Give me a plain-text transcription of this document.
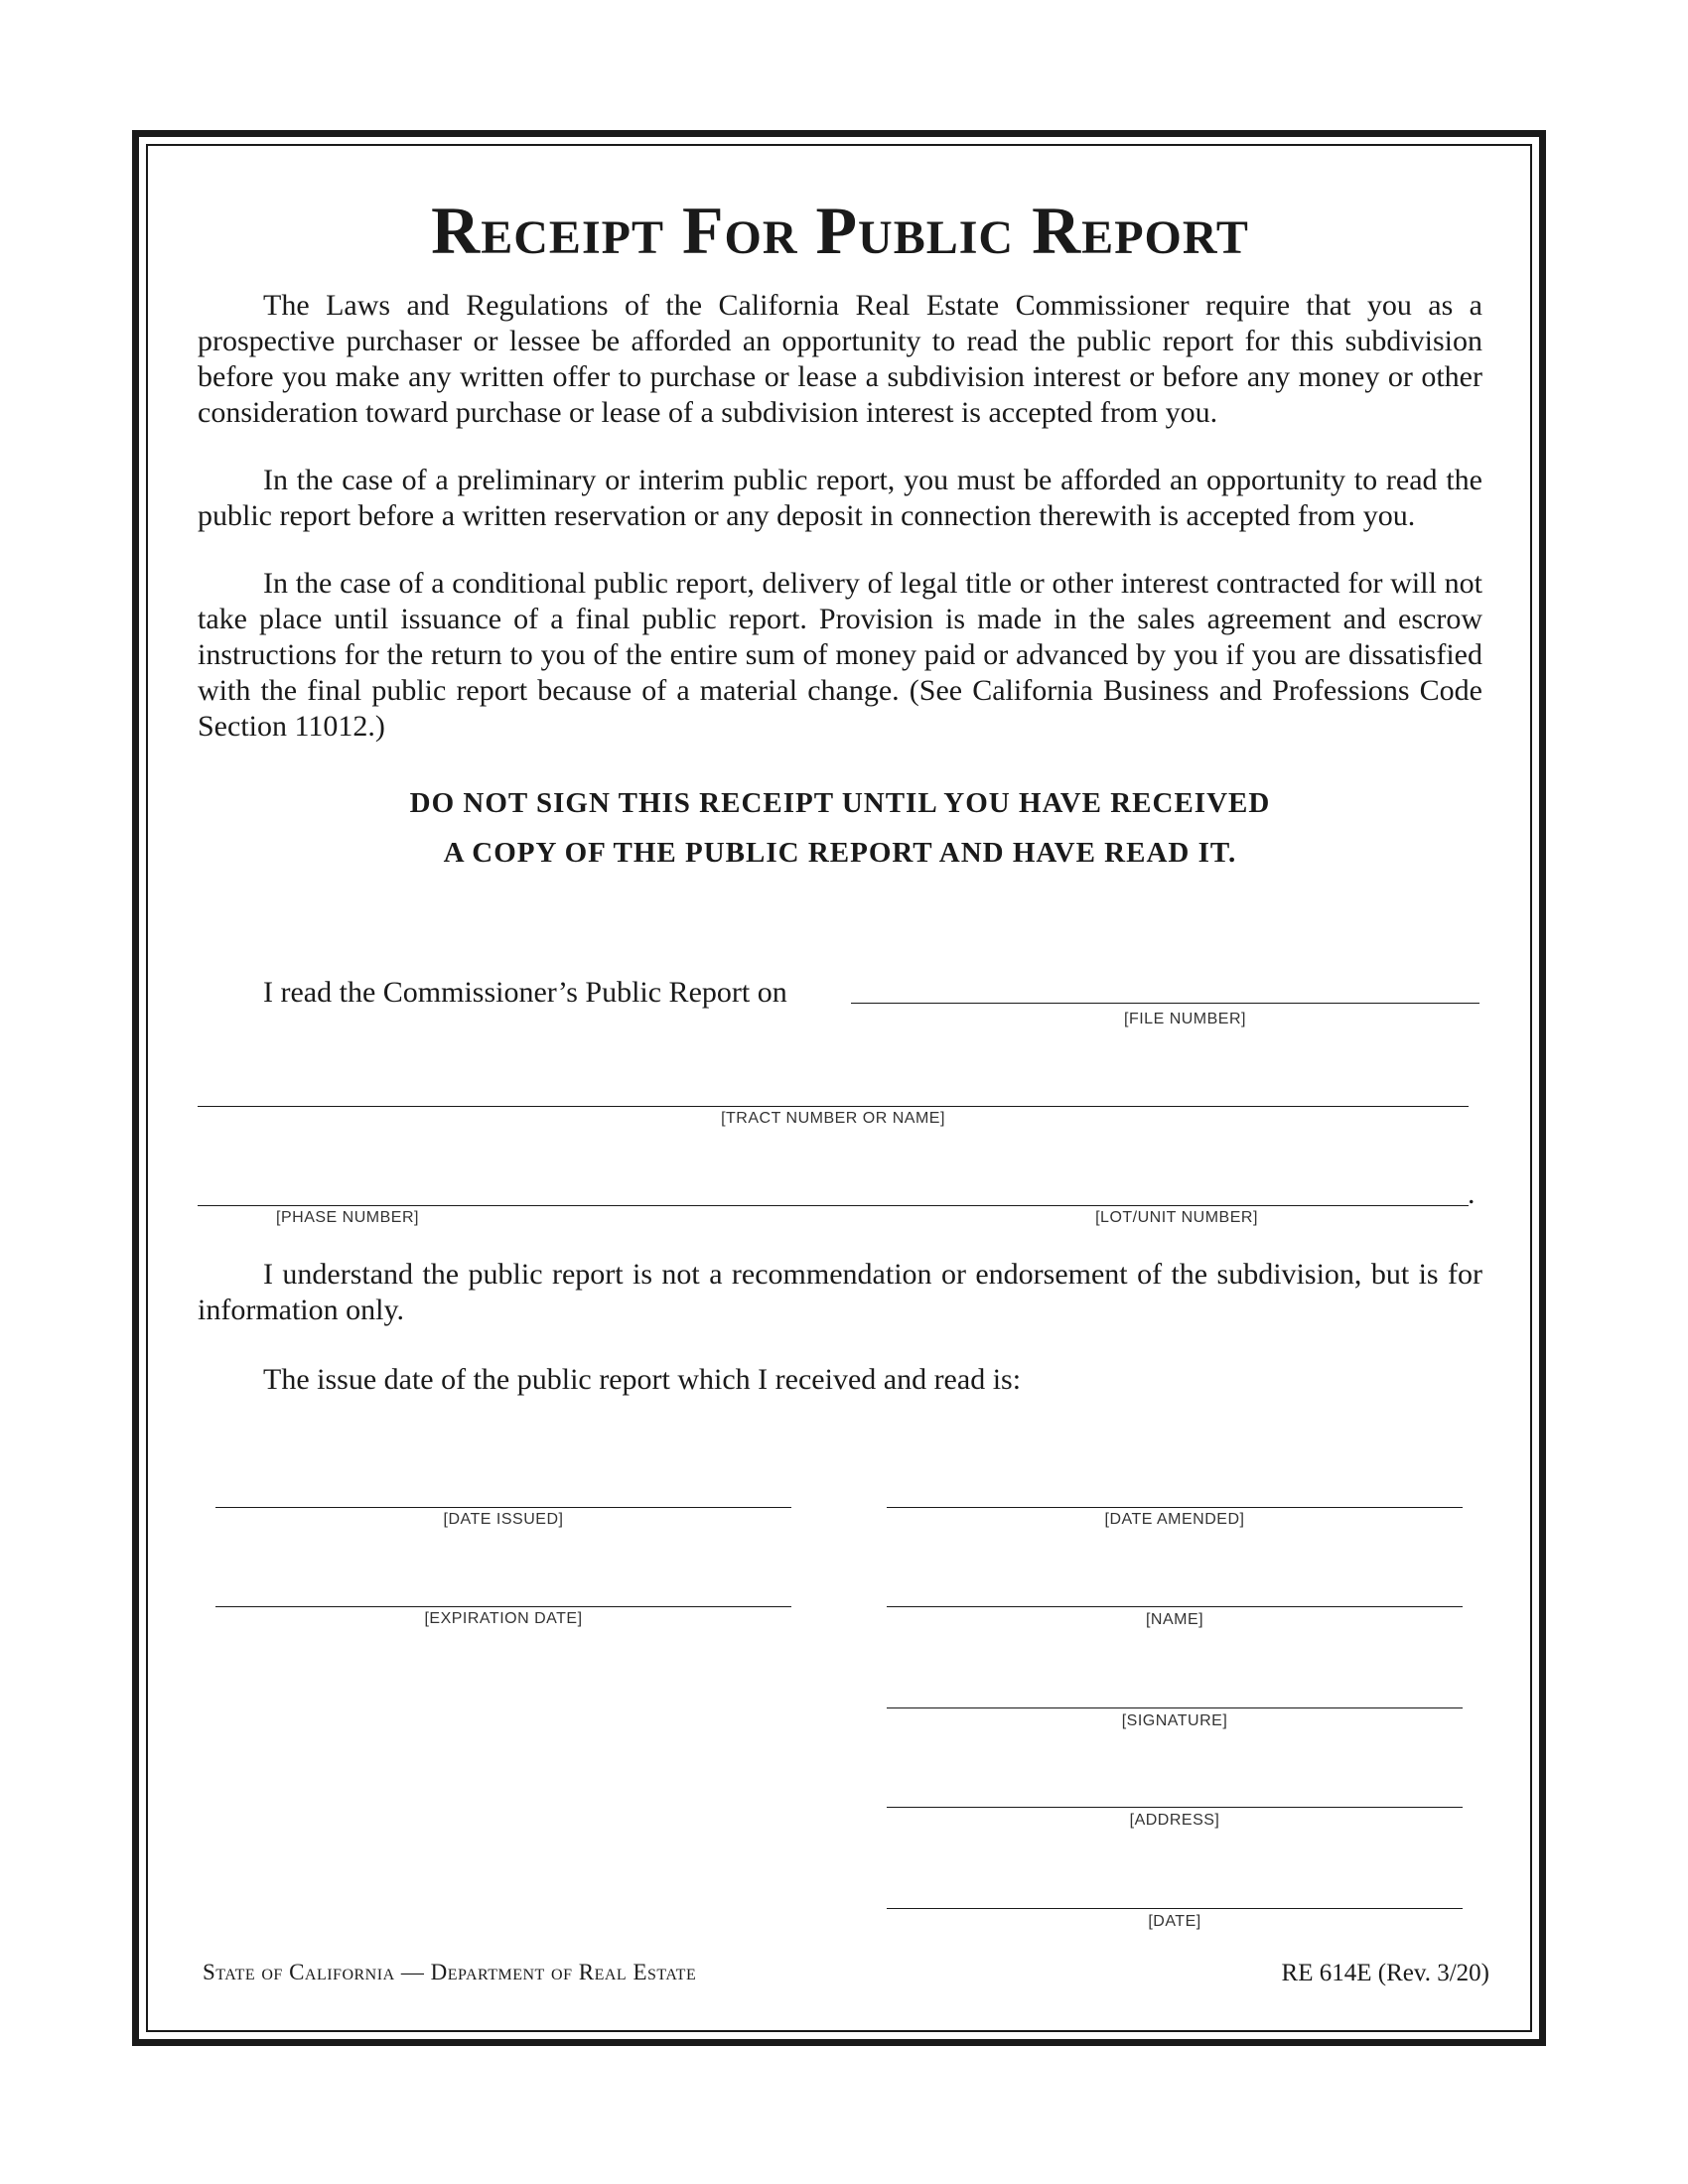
Receipt For Public Report

The Laws and Regulations of the California Real Estate Commissioner require that you as a prospective purchaser or lessee be afforded an opportunity to read the public report for this subdivision before you make any written offer to purchase or lease a subdivision interest or before any money or other consideration toward purchase or lease of a subdivision interest is accepted from you.

In the case of a preliminary or interim public report, you must be afforded an opportunity to read the public report before a written reservation or any deposit in connection therewith is accepted from you.

In the case of a conditional public report, delivery of legal title or other interest contracted for will not take place until issuance of a final public report. Provision is made in the sales agreement and escrow instructions for the return to you of the entire sum of money paid or advanced by you if you are dissatisfied with the final public report because of a material change. (See California Business and Professions Code Section 11012.)

DO NOT SIGN THIS RECEIPT UNTIL YOU HAVE RECEIVED
A COPY OF THE PUBLIC REPORT AND HAVE READ IT.
I read the Commissioner’s Public Report on
[FILE NUMBER]
[TRACT NUMBER OR NAME]
.
[PHASE NUMBER]	[LOT/UNIT NUMBER]

I understand the public report is not a recommendation or endorsement of the subdivision, but is for information only.

The issue date of the public report which I received and read is:
[DATE ISSUED]
[EXPIRATION DATE]
[DATE AMENDED]
[NAME]
[SIGNATURE]
[ADDRESS]
[DATE]
State of California — Department of Real Estate	RE 614E (Rev. 3/20)
